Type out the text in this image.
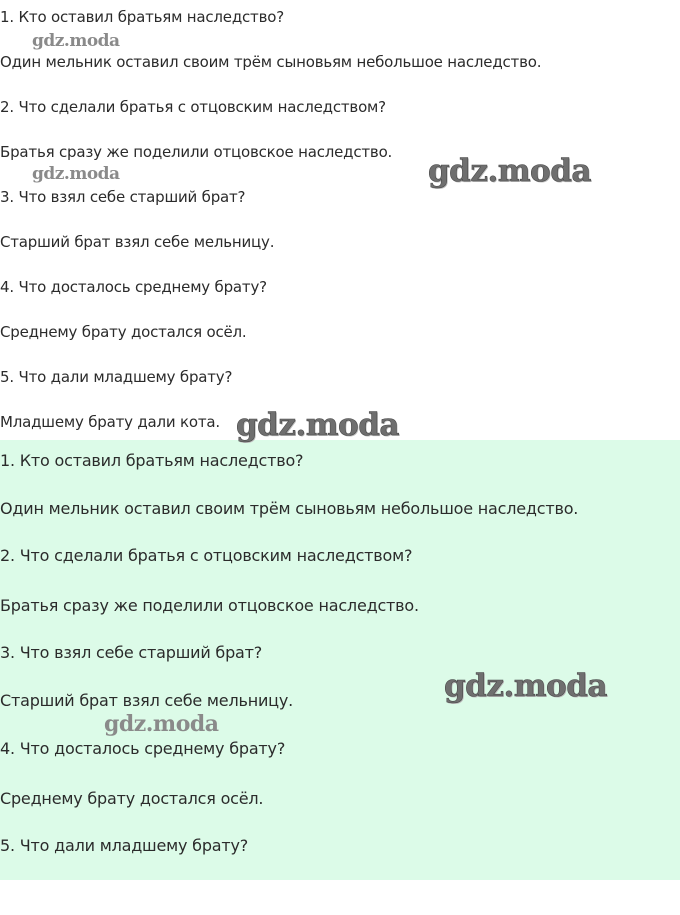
1. Кто оставил братьям наследство?
Один мельник оставил своим трём сыновьям небольшое наследство.
2. Что сделали братья с отцовским наследством?
Братья сразу же поделили отцовское наследство.
3. Что взял себе старший брат?
Старший брат взял себе мельницу.
4. Что досталось среднему брату?
Среднему брату достался осёл.
5. Что дали младшему брату?
Младшему брату дали кота.
1. Кто оставил братьям наследство?
Один мельник оставил своим трём сыновьям небольшое наследство.
2. Что сделали братья с отцовским наследством?
Братья сразу же поделили отцовское наследство.
3. Что взял себе старший брат?
Старший брат взял себе мельницу.
4. Что досталось среднему брату?
Среднему брату достался осёл.
5. Что дали младшему брату?
gdz.moda
gdz.moda	gdz.moda
gdz.moda
gdz.moda
gdz.moda
